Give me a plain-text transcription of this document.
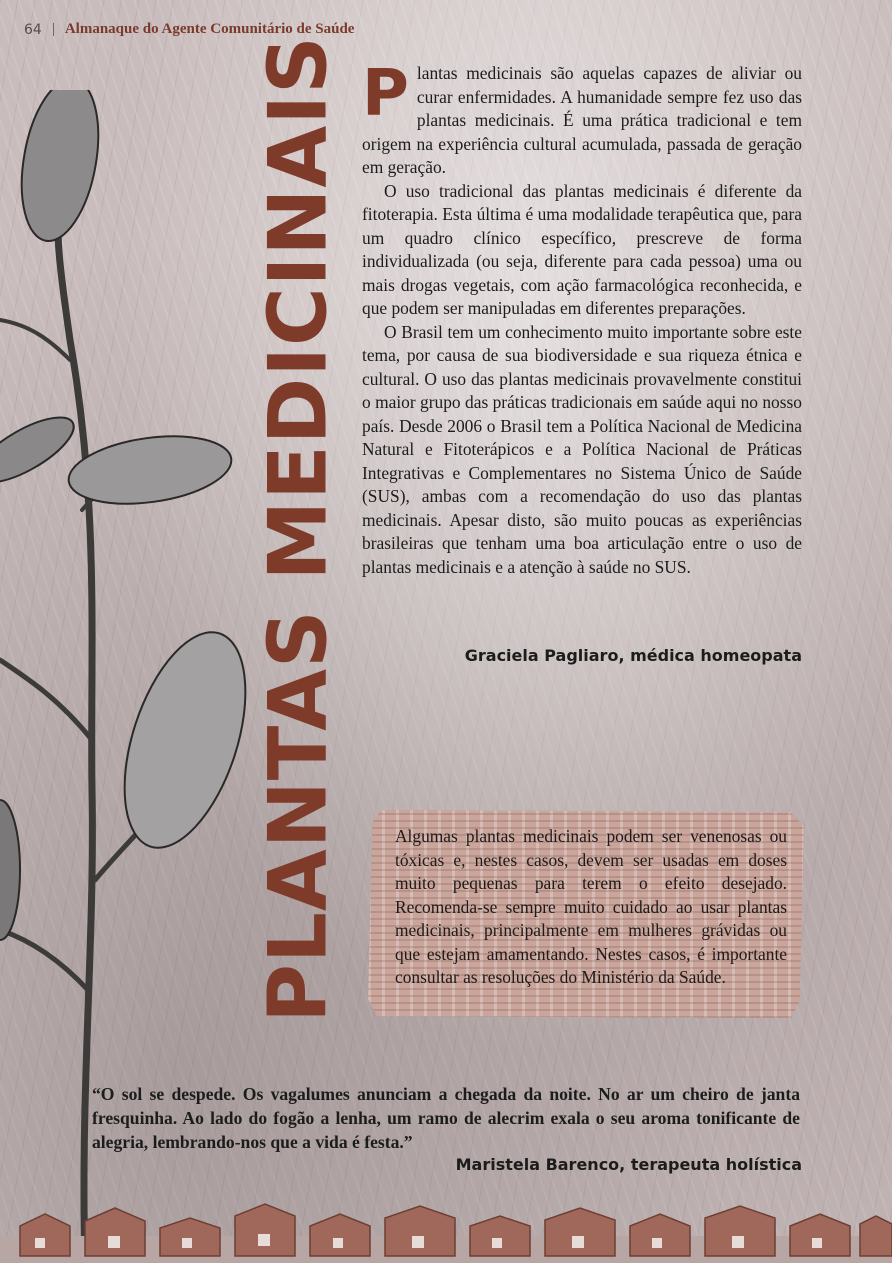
64 | Almanaque do Agente Comunitário de Saúde
PLANTAS MEDICINAIS Plantas medicinais são aquelas capazes de aliviar ou curar enfermidades. A humanidade sempre fez uso das plantas medicinais. É uma prática tradicional e tem origem na experiência cultural acumulada, passada de geração em geração.

O uso tradicional das plantas medicinais é diferente da fitoterapia. Esta última é uma modalidade terapêutica que, para um quadro clínico específico, prescreve de forma individualizada (ou seja, diferente para cada pessoa) uma ou mais drogas vegetais, com ação farmacológica reconhecida, e que podem ser manipuladas em diferentes preparações.

O Brasil tem um conhecimento muito importante sobre este tema, por causa de sua biodiversidade e sua riqueza étnica e cultural. O uso das plantas medicinais provavelmente constitui o maior grupo das práticas tradicionais em saúde aqui no nosso país. Desde 2006 o Brasil tem a Política Nacional de Medicina Natural e Fitoterápicos e a Política Nacional de Práticas Integrativas e Complementares no Sistema Único de Saúde (SUS), ambas com a recomendação do uso das plantas medicinais. Apesar disto, são muito poucas as experiências brasileiras que tenham uma boa articulação entre o uso de plantas medicinais e a atenção à saúde no SUS.

Graciela Pagliaro, médica homeopata
Algumas plantas medicinais podem ser venenosas ou tóxicas e, nestes casos, devem ser usadas em doses muito pequenas para terem o efeito desejado. Recomenda-se sempre muito cuidado ao usar plantas medicinais, principalmente em mulheres grávidas ou que estejam amamentando. Nestes casos, é importante consultar as resoluções do Ministério da Saúde.
“O sol se despede. Os vagalumes anunciam a chegada da noite. No ar um cheiro de janta fresquinha. Ao lado do fogão a lenha, um ramo de alecrim exala o seu aroma tonificante de alegria, lembrando-nos que a vida é festa.”
Maristela Barenco, terapeuta holística
